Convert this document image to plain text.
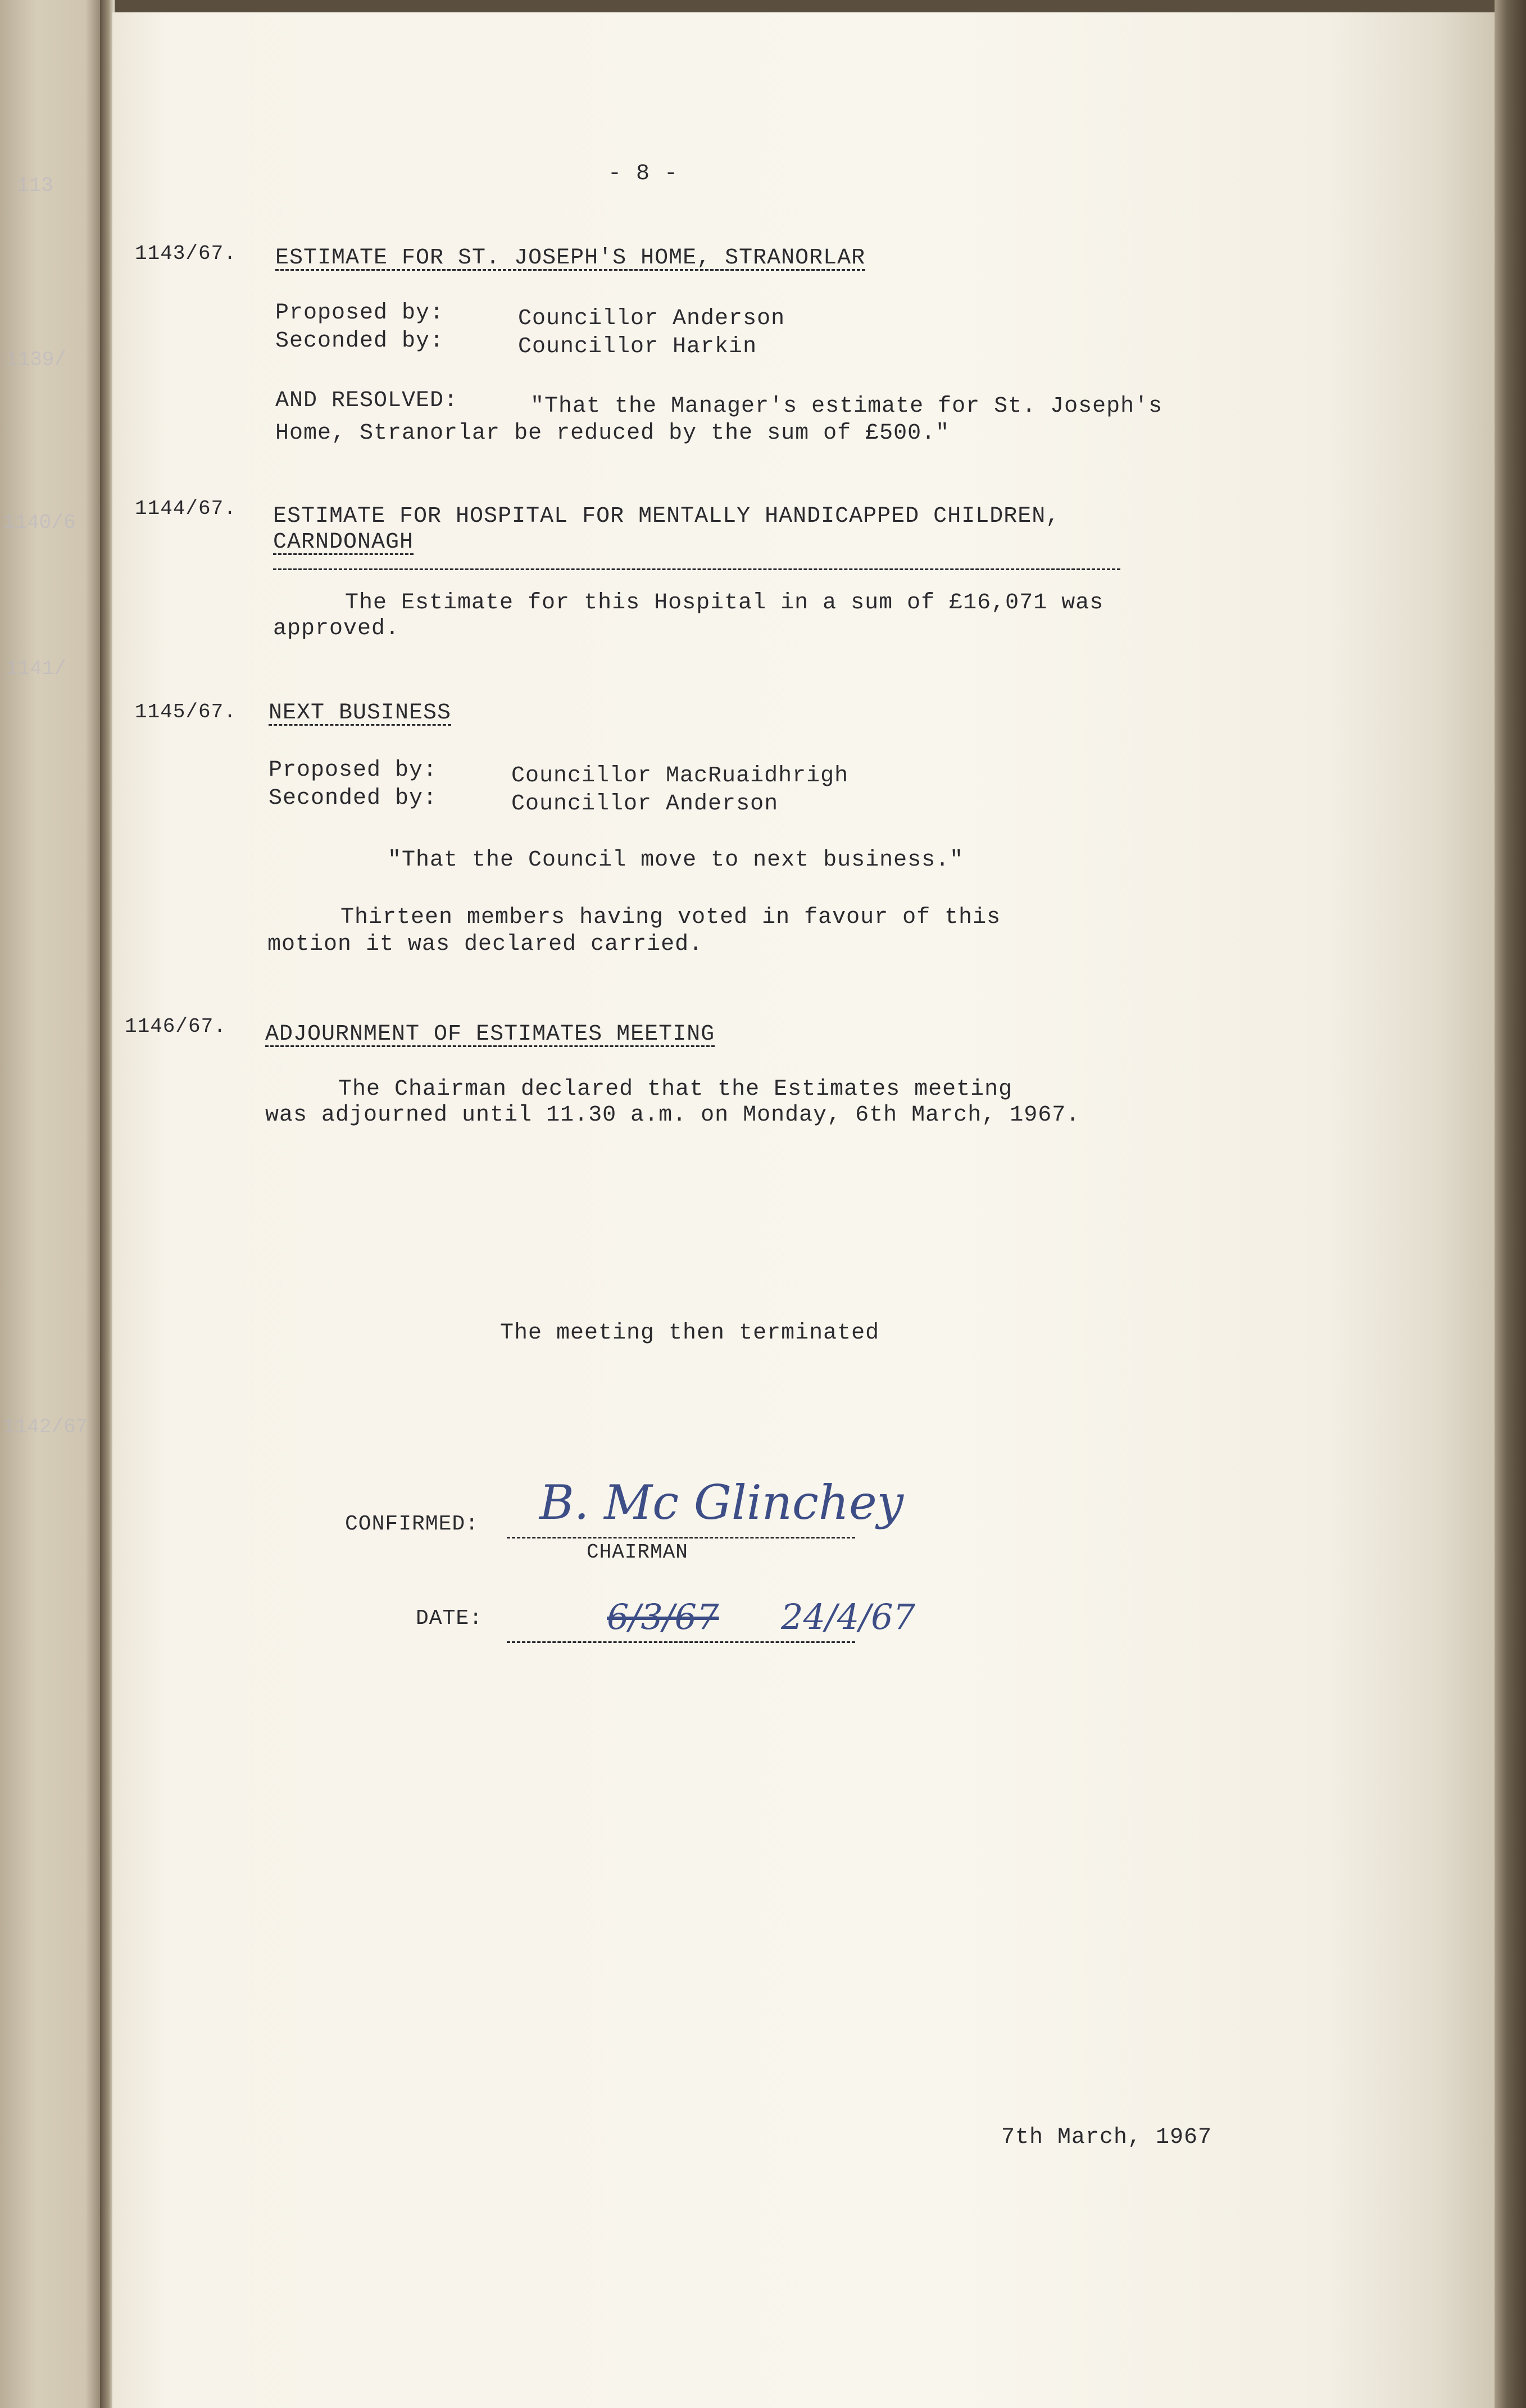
113
1139/
1140/6
1141/
1142/67
- 8 -
1143/67. ESTIMATE FOR ST. JOSEPH'S HOME, STRANORLAR
Proposed by:	Councillor Anderson
Seconded by:	Councillor Harkin
AND RESOLVED:	"That the Manager's estimate for St. Joseph's
Home, Stranorlar be reduced by the sum of £500."
1144/67. ESTIMATE FOR HOSPITAL FOR MENTALLY HANDICAPPED CHILDREN,
CARNDONAGH
The Estimate for this Hospital in a sum of £16,071 was
approved.
1145/67. NEXT BUSINESS
Proposed by:	Councillor MacRuaidhrigh
Seconded by:	Councillor Anderson
"That the Council move to next business."
Thirteen members having voted in favour of this
motion it was declared carried.
1146/67. ADJOURNMENT OF ESTIMATES MEETING
The Chairman declared that the Estimates meeting
was adjourned until 11.30 a.m. on Monday, 6th March, 1967.
The meeting then terminated
CONFIRMED:
CHAIRMAN
B. Mc Glinchey
DATE:	6/3/67 24/4/67
7th March, 1967
